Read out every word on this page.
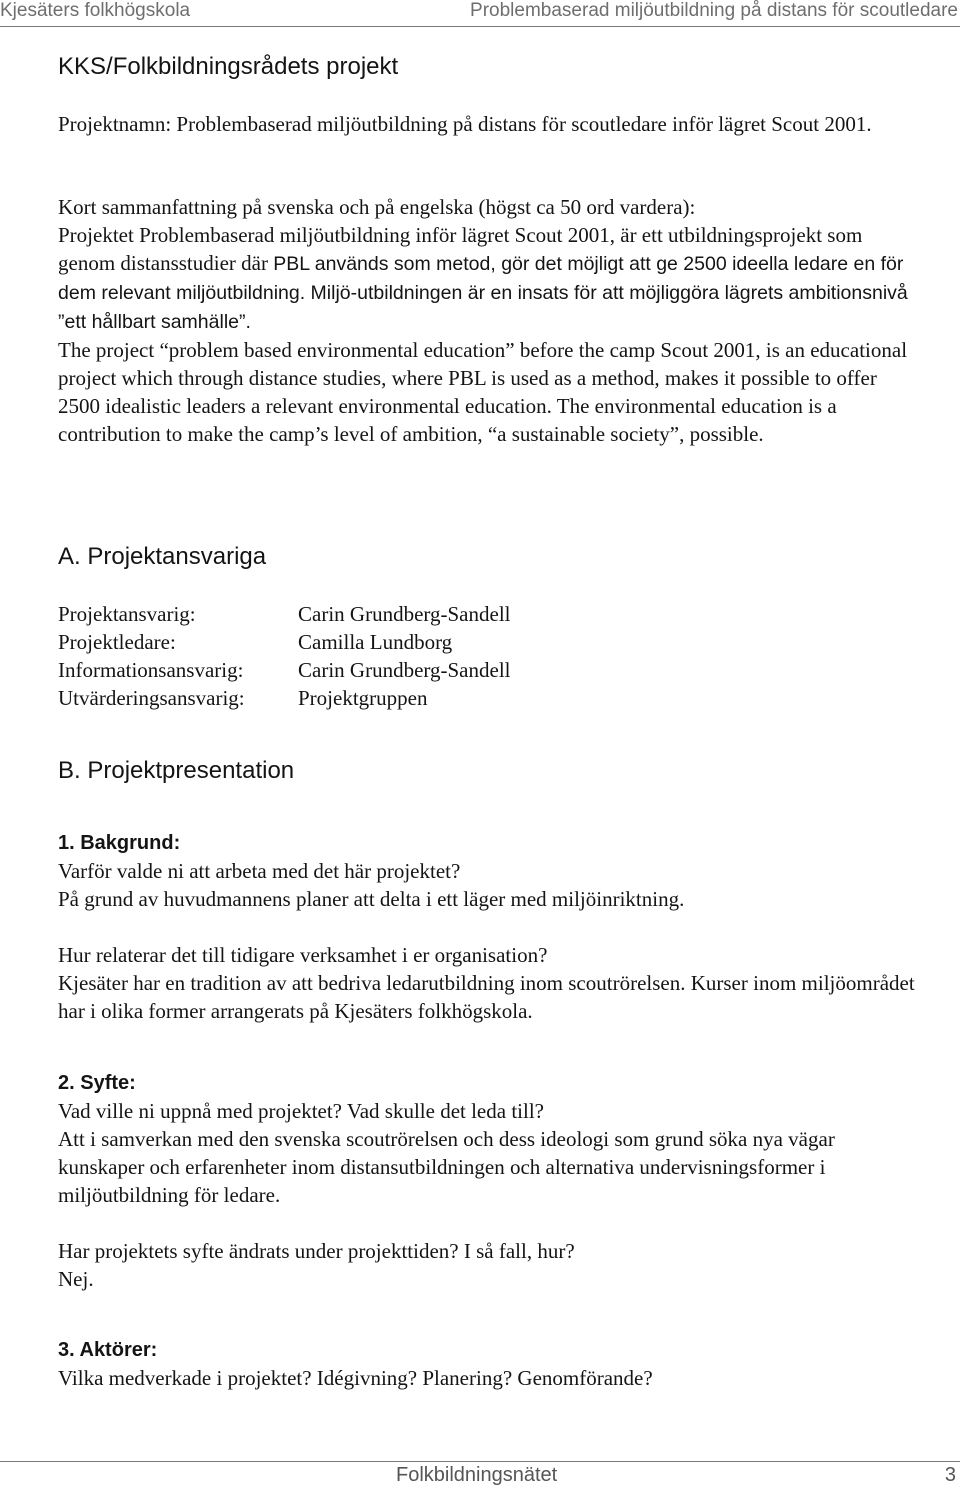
Kjesäters folkhögskola	Problembaserad miljöutbildning på distans för scoutledare
KKS/Folkbildningsrådets projekt

Projektnamn: Problembaserad miljöutbildning på distans för scoutledare inför lägret Scout 2001.

Kort sammanfattning på svenska och på engelska (högst ca 50 ord vardera):

Projektet Problembaserad miljöutbildning inför lägret Scout 2001, är ett utbildningsprojekt som genom distansstudier där PBL används som metod, gör det möjligt att ge 2500 ideella ledare en för dem relevant miljöutbildning. Miljö-utbildningen är en insats för att möjliggöra lägrets ambitionsnivå ”ett hållbart samhälle”.

The project “problem based environmental education” before the camp Scout 2001, is an educational project which through distance studies, where PBL is used as a method, makes it possible to offer 2500 idealistic leaders a relevant environmental education. The environmental education is a contribution to make the camp’s level of ambition, “a sustainable society”, possible.

A. Projektansvariga
Projektansvarig:	Carin Grundberg-Sandell
Projektledare:	Camilla Lundborg
Informationsansvarig:	Carin Grundberg-Sandell
Utvärderingsansvarig:	Projektgruppen
B. Projektpresentation
1. Bakgrund:

Varför valde ni att arbeta med det här projektet?

På grund av huvudmannens planer att delta i ett läger med miljöinriktning.

Hur relaterar det till tidigare verksamhet i er organisation?

Kjesäter har en tradition av att bedriva ledarutbildning inom scoutrörelsen. Kurser inom miljöområdet har i olika former arrangerats på Kjesäters folkhögskola.

2. Syfte:

Vad ville ni uppnå med projektet? Vad skulle det leda till?

Att i samverkan med den svenska scoutrörelsen och dess ideologi som grund söka nya vägar kunskaper och erfarenheter inom distansutbildningen och alternativa undervisningsformer i miljöutbildning för ledare.

Har projektets syfte ändrats under projekttiden? I så fall, hur?

Nej.

3. Aktörer:

Vilka medverkade i projektet? Idégivning? Planering? Genomförande?

Folkbildningsnätet	3
